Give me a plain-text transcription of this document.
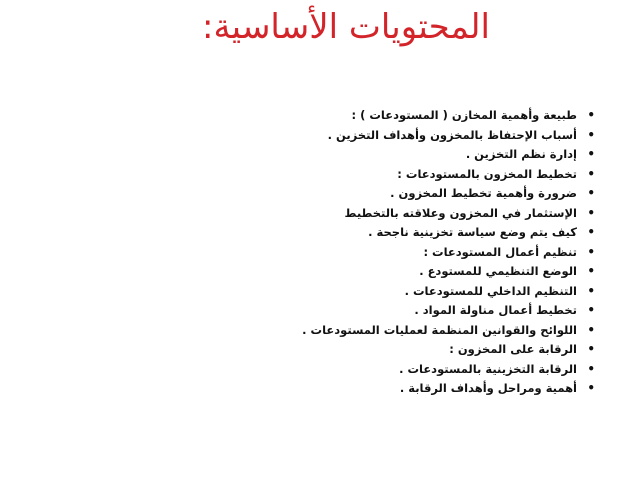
المحتويات الأساسية:
•
طبيعة وأهمية المخازن ( المستودعات ) :
•
أسباب الإحتفاظ بالمخزون وأهداف التخزين .
•
إدارة نظم التخزين .
•
تخطيط المخزون بالمستودعات :
•
ضرورة وأهمية تخطيط المخزون .
•
الإستثمار في المخزون وعلاقته بالتخطيط
•
كيف يتم وضع سياسة تخزينية ناجحة .
•
تنظيم أعمال المستودعات :
•
الوضع التنظيمي للمستودع .
•
التنظيم الداخلي للمستودعات .
•
تخطيط أعمال مناولة المواد .
•
اللوائح والقوانين المنظمة لعمليات المستودعات .
•
الرقابة على المخزون :
•
الرقابة التخزينية بالمستودعات .
•
أهمية ومراحل وأهداف الرقابة .
